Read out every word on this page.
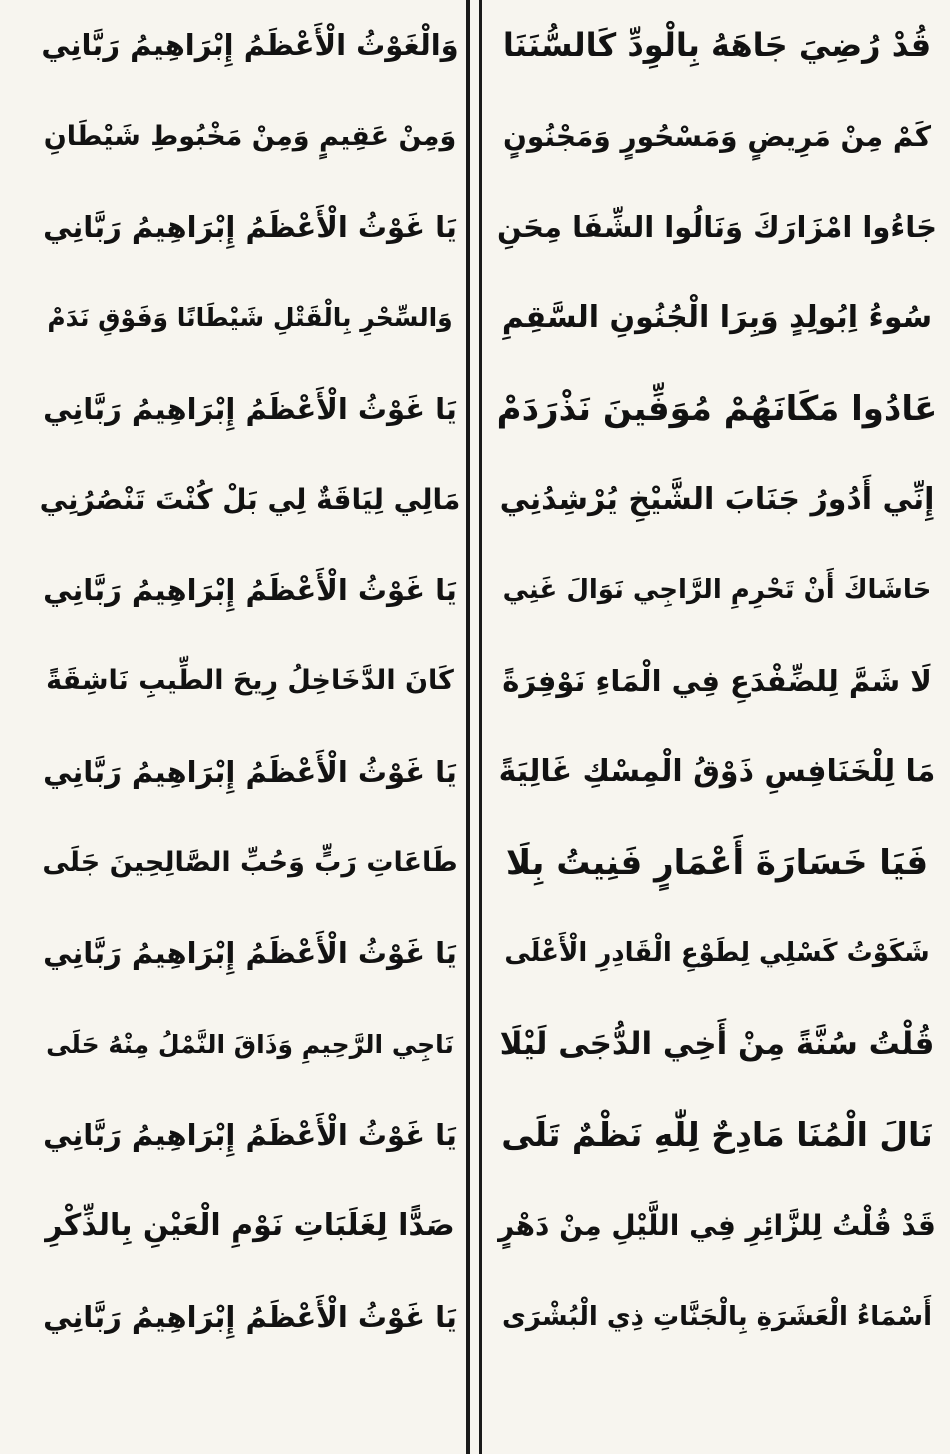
قُدْ رُضِيَ جَاهَهُ بِالْوِدِّ كَالسُّنَنَا
كَمْ مِنْ مَرِيضٍ وَمَسْحُورٍ وَمَجْنُونٍ
جَاءُوا امْزَارَكَ وَنَالُوا الشِّفَا مِحَنِ
سُوءُ اِبُولِدٍ وَبِرَا الْجُنُونِ السَّقِمِ
عَادُوا مَكَانَهُمْ مُوَفِّينَ نَذْرَدَمْ
إِنِّي أَدُورُ جَنَابَ الشَّيْخِ يُرْشِدُنِي
حَاشَاكَ أَنْ تَحْرِمِ الرَّاجِي نَوَالَ غَنِي
لَا شَمَّ لِلضِّفْدَعِ فِي الْمَاءِ نَوْفِرَةً
مَا لِلْخَنَافِسِ ذَوْقُ الْمِسْكِ غَالِيَةً
فَيَا خَسَارَةَ أَعْمَارٍ فَنِيتُ بِلَا
شَكَوْتُ كَسْلِي لِطَوْعِ الْقَادِرِ الْأَعْلَى
قُلْتُ سُنَّةً مِنْ أَخِي الدُّجَى لَيْلَا
نَالَ الْمُنَا مَادِحٌ لِلّٰهِ نَظْمٌ تَلَى
قَدْ قُلْتُ لِلزَّائِرِ فِي اللَّيْلِ مِنْ دَهْرٍ
أَسْمَاءُ الْعَشَرَةِ بِالْجَنَّاتِ ذِي الْبُشْرَى
وَالْغَوْثُ الْأَعْظَمُ إِبْرَاهِيمُ رَبَّانِي
وَمِنْ عَقِيمٍ وَمِنْ مَخْبُوطِ شَيْطَانِ
يَا غَوْثُ الْأَعْظَمُ إِبْرَاهِيمُ رَبَّانِي
وَالسِّحْرِ بِالْقَتْلِ شَيْطَانًا وَفَوْقِ نَدَمْ
يَا غَوْثُ الْأَعْظَمُ إِبْرَاهِيمُ رَبَّانِي
مَالِي لِيَاقَةٌ لِي بَلْ كُنْتَ تَنْصُرُنِي
يَا غَوْثُ الْأَعْظَمُ إِبْرَاهِيمُ رَبَّانِي
كَانَ الدَّخَاخِلُ رِيحَ الطِّيبِ نَاشِقَةً
يَا غَوْثُ الْأَعْظَمُ إِبْرَاهِيمُ رَبَّانِي
طَاعَاتِ رَبٍّ وَحُبِّ الصَّالِحِينَ جَلَى
يَا غَوْثُ الْأَعْظَمُ إِبْرَاهِيمُ رَبَّانِي
نَاجِي الرَّحِيمِ وَذَاقَ النَّمْلُ مِنْهُ حَلَى
يَا غَوْثُ الْأَعْظَمُ إِبْرَاهِيمُ رَبَّانِي
صَدًّا لِغَلَبَاتِ نَوْمِ الْعَيْنِ بِالذِّكْرِ
يَا غَوْثُ الْأَعْظَمُ إِبْرَاهِيمُ رَبَّانِي
